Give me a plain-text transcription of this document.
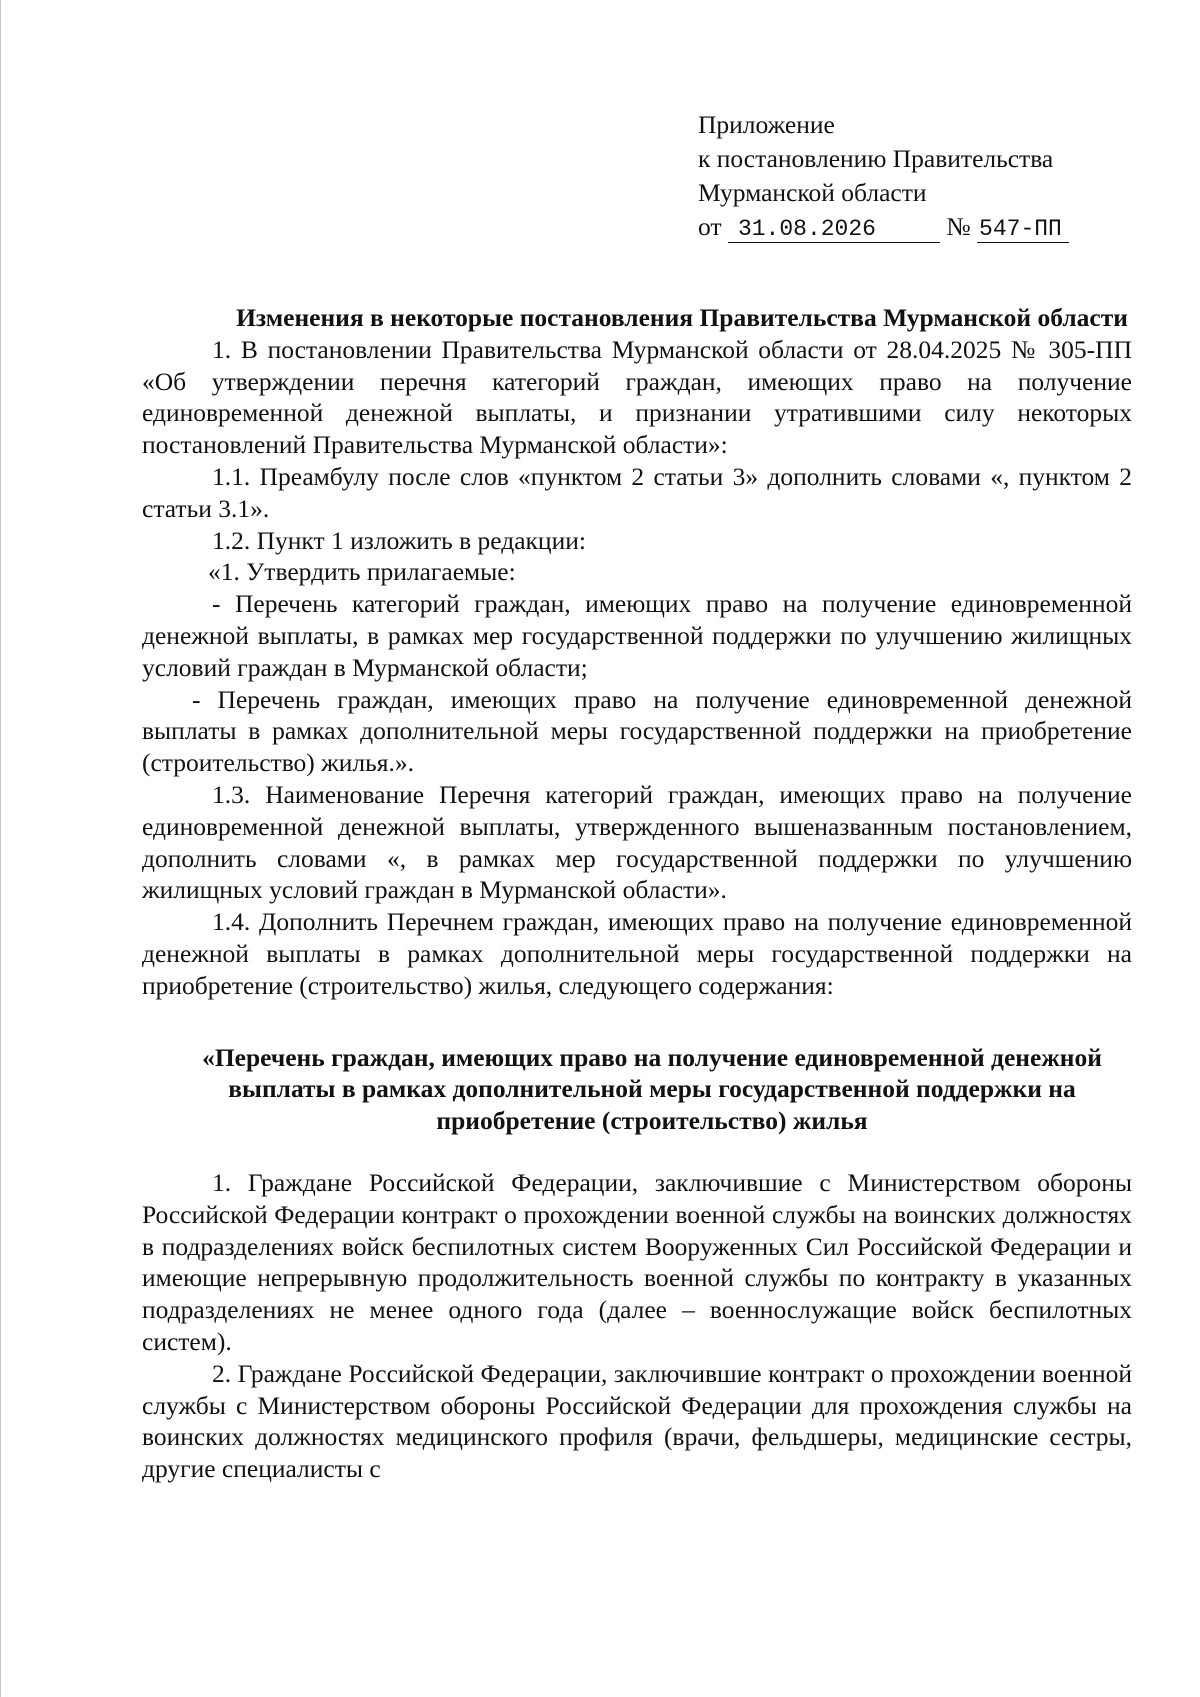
Приложение
к постановлению Правительства
Мурманской области
от 31.08.2026	№ 547-ПП

Изменения в некоторые постановления Правительства Мурманской области

1. В постановлении Правительства Мурманской области от 28.04.2025 № 305-ПП «Об утверждении перечня категорий граждан, имеющих право на получение единовременной денежной выплаты, и признании утратившими силу некоторых постановлений Правительства Мурманской области»:

1.1. Преамбулу после слов «пунктом 2 статьи 3» дополнить словами «, пунктом 2 статьи 3.1».

1.2. Пункт 1 изложить в редакции:

«1. Утвердить прилагаемые:

- Перечень категорий граждан, имеющих право на получение единовременной денежной выплаты, в рамках мер государственной поддержки по улучшению жилищных условий граждан в Мурманской области;

- Перечень граждан, имеющих право на получение единовременной денежной выплаты в рамках дополнительной меры государственной поддержки на приобретение (строительство) жилья.».

1.3. Наименование Перечня категорий граждан, имеющих право на получение единовременной денежной выплаты, утвержденного вышеназванным постановлением, дополнить словами «, в рамках мер государственной поддержки по улучшению жилищных условий граждан в Мурманской области».

1.4. Дополнить Перечнем граждан, имеющих право на получение единовременной денежной выплаты в рамках дополнительной меры государственной поддержки на приобретение (строительство) жилья, следующего содержания:

«Перечень граждан, имеющих право на получение единовременной денежной выплаты в рамках дополнительной меры государственной поддержки на приобретение (строительство) жилья

1. Граждане Российской Федерации, заключившие с Министерством обороны Российской Федерации контракт о прохождении военной службы на воинских должностях в подразделениях войск беспилотных систем Вооруженных Сил Российской Федерации и имеющие непрерывную продолжительность военной службы по контракту в указанных подразделениях не менее одного года (далее – военнослужащие войск беспилотных систем).

2. Граждане Российской Федерации, заключившие контракт о прохождении военной службы с Министерством обороны Российской Федерации для прохождения службы на воинских должностях медицинского профиля (врачи, фельдшеры, медицинские сестры, другие специалисты с
